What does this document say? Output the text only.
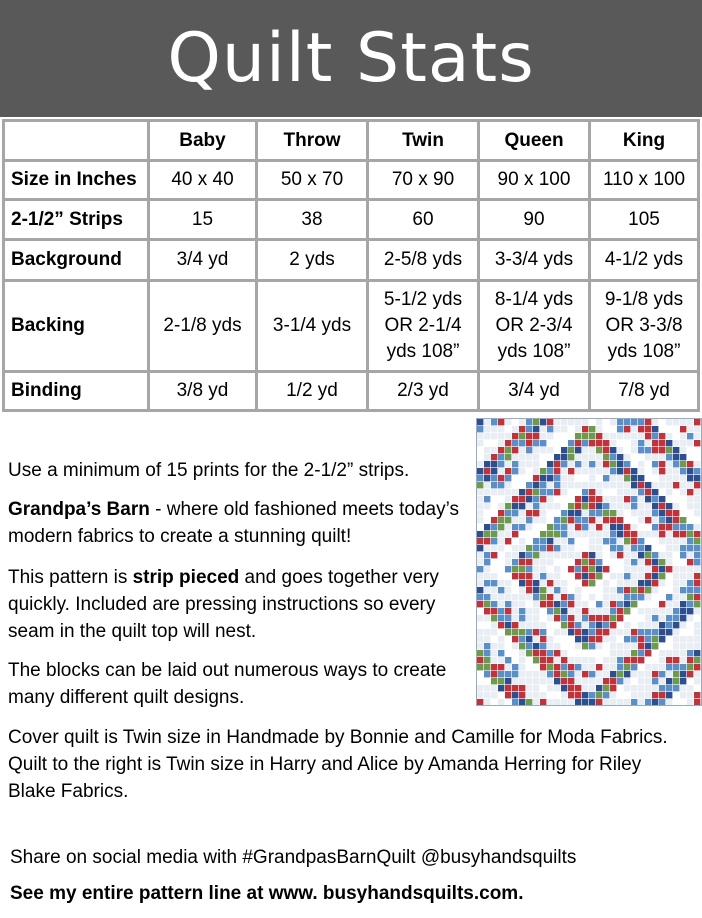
Quilt Stats
	Baby	Throw	Twin	Queen	King
Size in Inches	40 x 40	50 x 70	70 x 90	90 x 100	110 x 100
2-1/2” Strips	15	38	60	90	105
Background	3/4 yd	2 yds	2-5/8 yds	3-3/4 yds	4-1/2 yds
Backing	2-1/8 yds	3-1/4 yds	5-1/2 yds OR 2-1/4 yds 108”	8-1/4 yds OR 2-3/4 yds 108”	9-1/8 yds OR 3-3/8 yds 108”
Binding	3/8 yd	1/2 yd	2/3 yd	3/4 yd	7/8 yd
Use a minimum of 15 prints for the 2-1/2” strips.
Grandpa’s Barn - where old fashioned meets today’s modern fabrics to create a stunning quilt!
This pattern is strip pieced and goes together very quickly. Included are pressing instructions so every seam in the quilt top will nest.
The blocks can be laid out numerous ways to create many different quilt designs.
Cover quilt is Twin size in Handmade by Bonnie and Camille for Moda Fabrics. Quilt to the right is Twin size in Harry and Alice by Amanda Herring for Riley Blake Fabrics.
Share on social media with #GrandpasBarnQuilt @busyhandsquilts
See my entire pattern line at www. busyhandsquilts.com.
